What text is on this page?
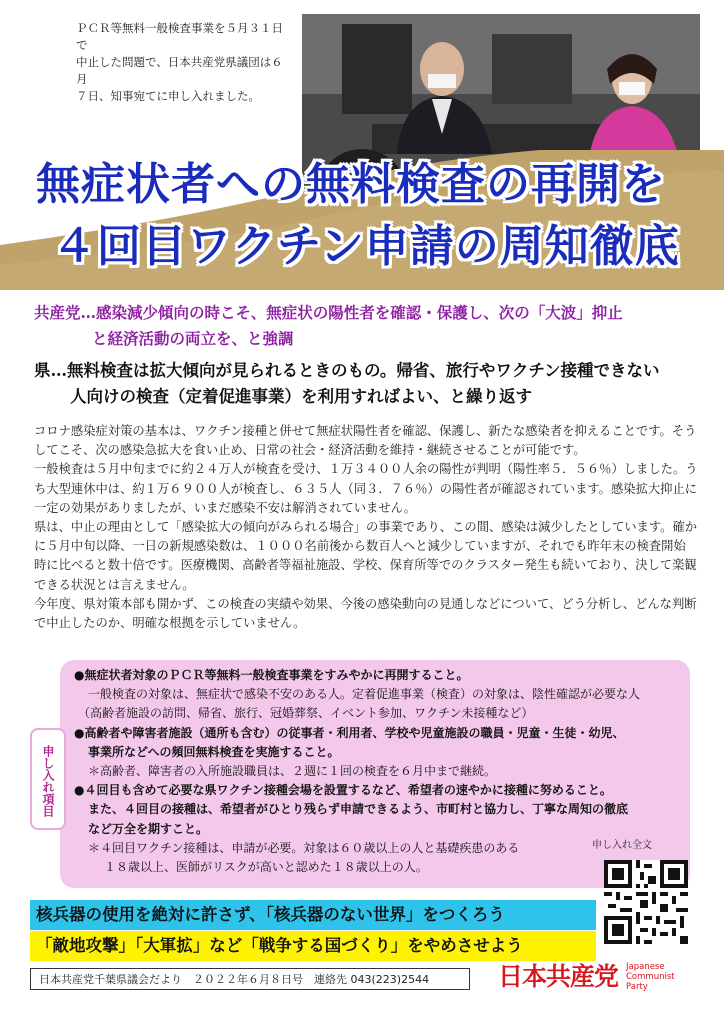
ＰＣＲ等無料一般検査事業を５月３１日で
中止した問題で、日本共産党県議団は６月
７日、知事宛てに申し入れました。
無症状者への無料検査の再開を
４回目ワクチン申請の周知徹底
共産党…感染減少傾向の時こそ、無症状の陽性者を確認・保護し、次の「大波」抑止
と経済活動の両立を、と強調
県…無料検査は拡大傾向が見られるときのもの。帰省、旅行やワクチン接種できない
人向けの検査（定着促進事業）を利用すればよい、と繰り返す

コロナ感染症対策の基本は、ワクチン接種と併せて無症状陽性者を確認、保護し、新たな感染者を抑えることです。そうしてこそ、次の感染急拡大を食い止め、日常の社会・経済活動を維持・継続させることが可能です。

一般検査は５月中旬までに約２４万人が検査を受け、１万３４００人余の陽性が判明（陽性率５．５６％）しました。うち大型連休中は、約１万６９００人が検査し、６３５人（同３．７６％）の陽性者が確認されています。感染拡大抑止に一定の効果がありましたが、いまだ感染不安は解消されていません。

県は、中止の理由として「感染拡大の傾向がみられる場合」の事業であり、この間、感染は減少したとしています。確かに５月中旬以降、一日の新規感染数は、１０００名前後から数百人へと減少していますが、それでも昨年末の検査開始時に比べると数十倍です。医療機関、高齢者等福祉施設、学校、保育所等でのクラスター発生も続いており、決して楽観できる状況とは言えません。

今年度、県対策本部も開かず、この検査の実績や効果、今後の感染動向の見通しなどについて、どう分析し、どんな判断で中止したのか、明確な根拠を示していません。

申し入れ項目
●無症状者対象のＰＣＲ等無料一般検査事業をすみやかに再開すること。
一般検査の対象は、無症状で感染不安のある人。定着促進事業（検査）の対象は、陰性確認が必要な人
（高齢者施設の訪問、帰省、旅行、冠婚葬祭、イベント参加、ワクチン未接種など）
●高齢者や障害者施設（通所も含む）の従事者・利用者、学校や児童施設の職員・児童・生徒・幼児、
事業所などへの頻回無料検査を実施すること。
＊高齢者、障害者の入所施設職員は、２週に１回の検査を６月中まで継続。
●４回目も含めて必要な県ワクチン接種会場を設置するなど、希望者の速やかに接種に努めること。
また、４回目の接種は、希望者がひとり残らず申請できるよう、市町村と協力し、丁寧な周知の徹底
など万全を期すこと。
＊４回目ワクチン接種は、申請が必要。対象は６０歳以上の人と基礎疾患のある
１８歳以上、医師がリスクが高いと認めた１８歳以上の人。
申し入れ全文
核兵器の使用を絶対に許さず、「核兵器のない世界」をつくろう
「敵地攻撃」「大軍拡」など「戦争する国づくり」をやめさせよう
日本共産党千葉県議会だより　２０２２年６月８日号　連絡先 043(223)2544	日本共産党 Japanese
Communist
Party
